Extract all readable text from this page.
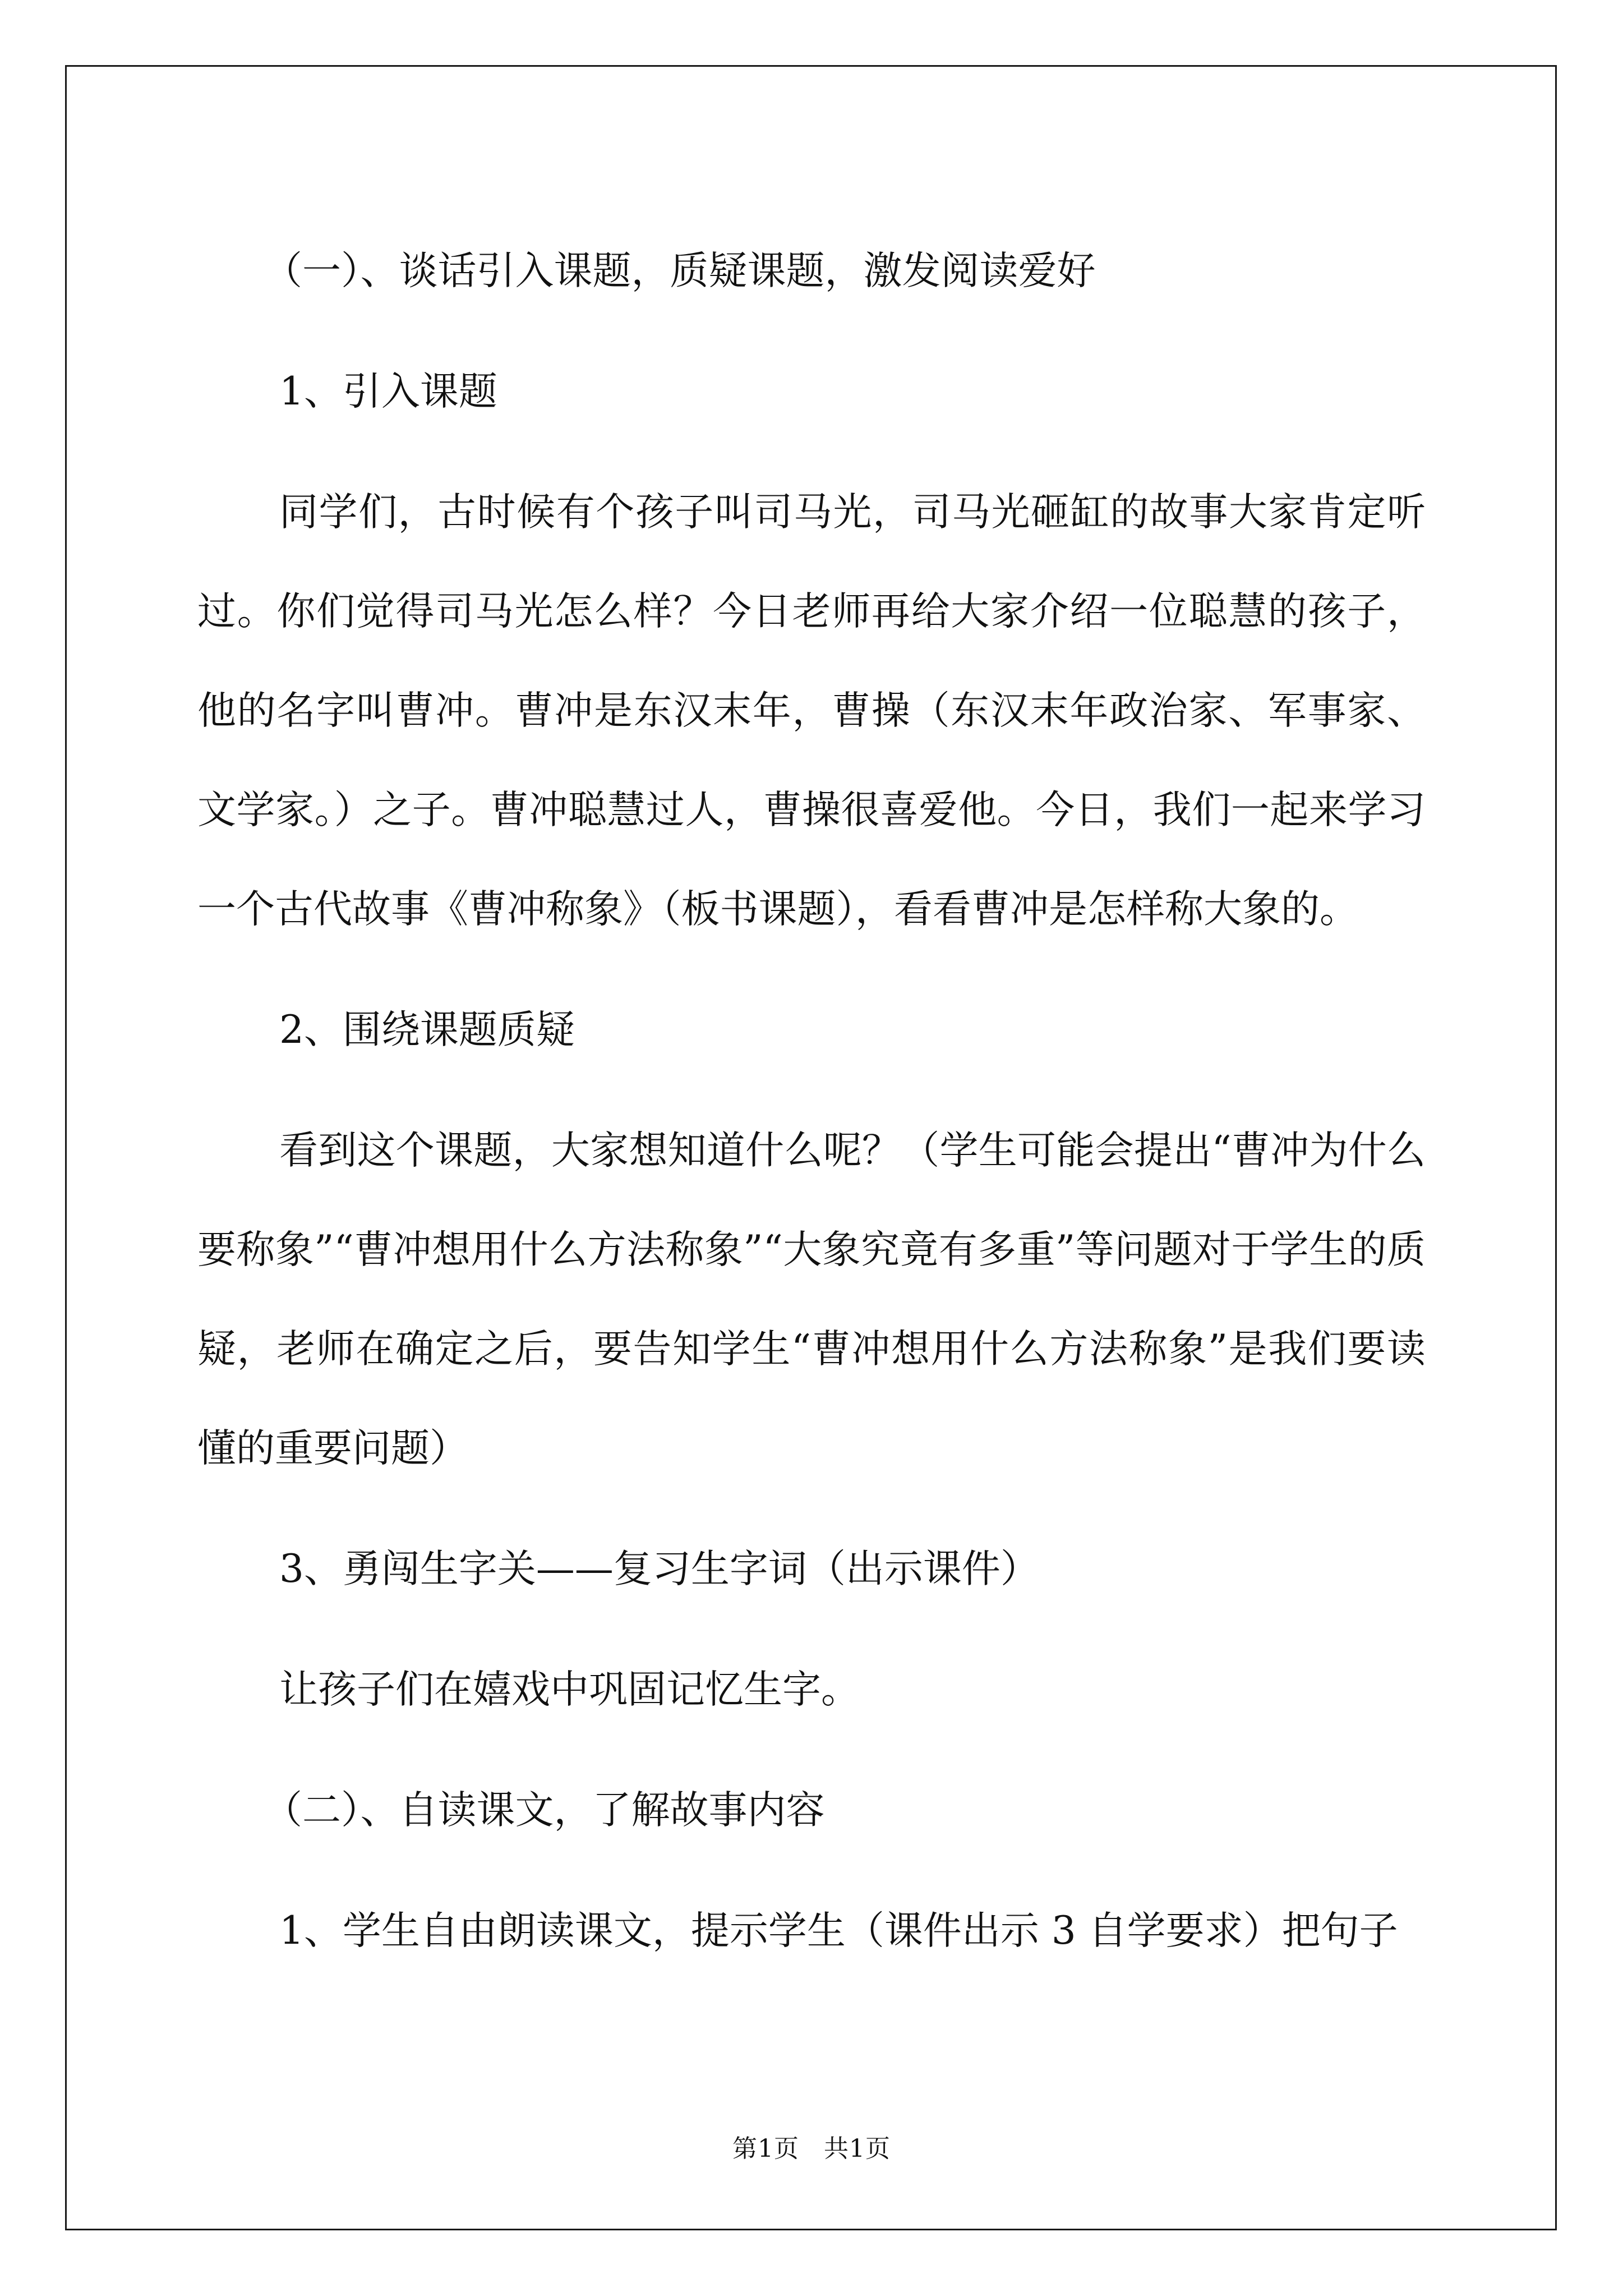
（一）、谈话引入课题，质疑课题，激发阅读爱好

1、引入课题

同学们，古时候有个孩子叫司马光，司马光砸缸的故事大家肯定听过。你们觉得司马光怎么样？今日老师再给大家介绍一位聪慧的孩子，他的名字叫曹冲。曹冲是东汉末年，曹操（东汉末年政治家、军事家、文学家。）之子。曹冲聪慧过人，曹操很喜爱他。今日，我们一起来学习一个古代故事《曹冲称象》（板书课题），看看曹冲是怎样称大象的。

2、围绕课题质疑

看到这个课题，大家想知道什么呢？（学生可能会提出“曹冲为什么要称象”“曹冲想用什么方法称象”“大象究竟有多重”等问题对于学生的质疑，老师在确定之后，要告知学生“曹冲想用什么方法称象”是我们要读懂的重要问题）

3、勇闯生字关——复习生字词（出示课件）

让孩子们在嬉戏中巩固记忆生字。

（二）、自读课文，了解故事内容

1、学生自由朗读课文，提示学生（课件出示 3 自学要求）把句子

第1页 共1页
